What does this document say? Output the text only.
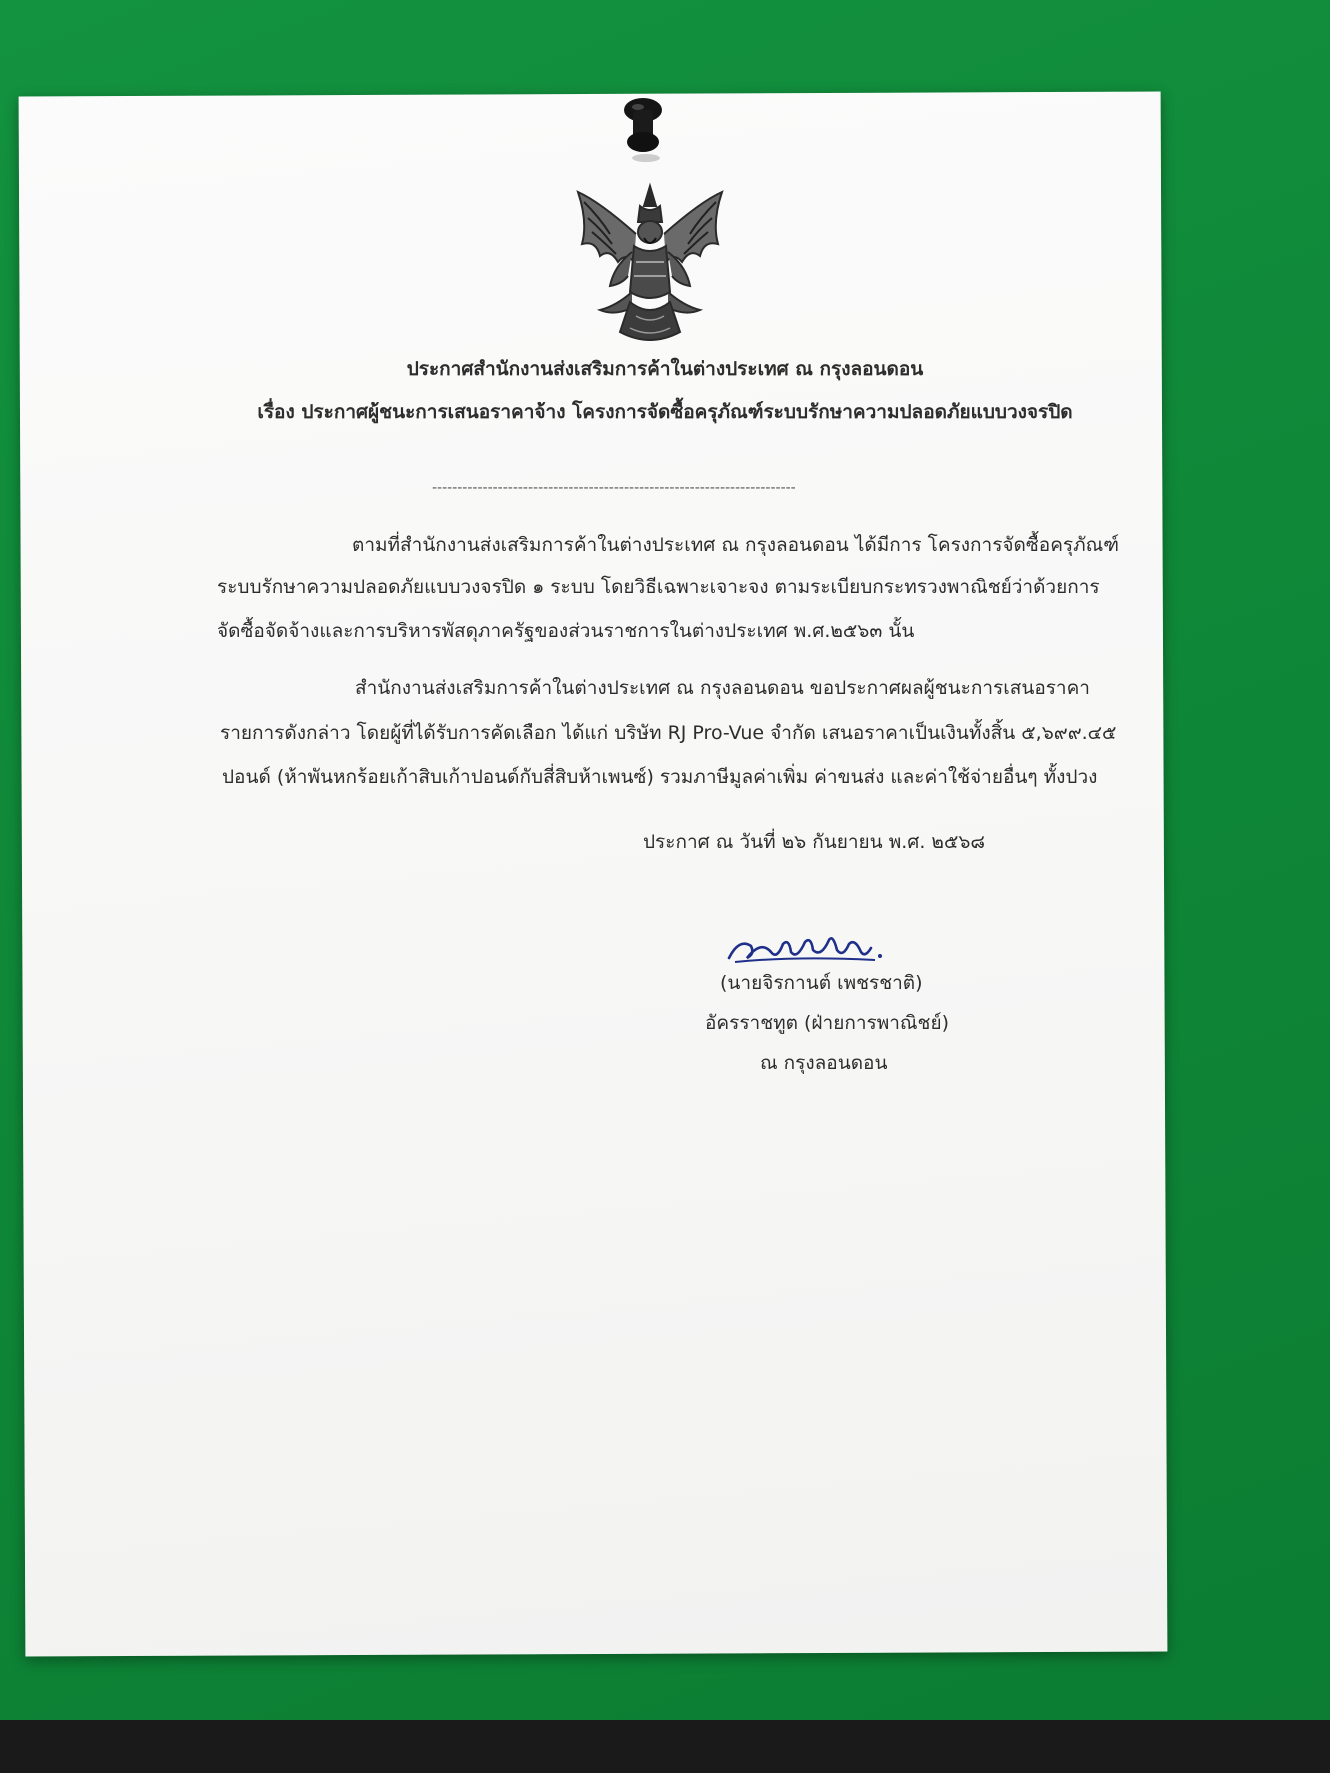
ประกาศสำนักงานส่งเสริมการค้าในต่างประเทศ ณ กรุงลอนดอน
เรื่อง ประกาศผู้ชนะการเสนอราคาจ้าง โครงการจัดซื้อครุภัณฑ์ระบบรักษาความปลอดภัยแบบวงจรปิด
------------------------------------------------------------------------
ตามที่สำนักงานส่งเสริมการค้าในต่างประเทศ ณ กรุงลอนดอน ได้มีการ โครงการจัดซื้อครุภัณฑ์
ระบบรักษาความปลอดภัยแบบวงจรปิด ๑ ระบบ โดยวิธีเฉพาะเจาะจง ตามระเบียบกระทรวงพาณิชย์ว่าด้วยการ
จัดซื้อจัดจ้างและการบริหารพัสดุภาครัฐของส่วนราชการในต่างประเทศ พ.ศ.๒๕๖๓ นั้น
สำนักงานส่งเสริมการค้าในต่างประเทศ ณ กรุงลอนดอน ขอประกาศผลผู้ชนะการเสนอราคา
รายการดังกล่าว โดยผู้ที่ได้รับการคัดเลือก ได้แก่ บริษัท RJ Pro-Vue จำกัด เสนอราคาเป็นเงินทั้งสิ้น ๕,๖๙๙.๔๕
ปอนด์ (ห้าพันหกร้อยเก้าสิบเก้าปอนด์กับสี่สิบห้าเพนซ์) รวมภาษีมูลค่าเพิ่ม ค่าขนส่ง และค่าใช้จ่ายอื่นๆ ทั้งปวง
ประกาศ ณ วันที่ ๒๖ กันยายน พ.ศ. ๒๕๖๘
(นายจิรกานต์ เพชรชาติ)
อัครราชทูต (ฝ่ายการพาณิชย์)
ณ กรุงลอนดอน
